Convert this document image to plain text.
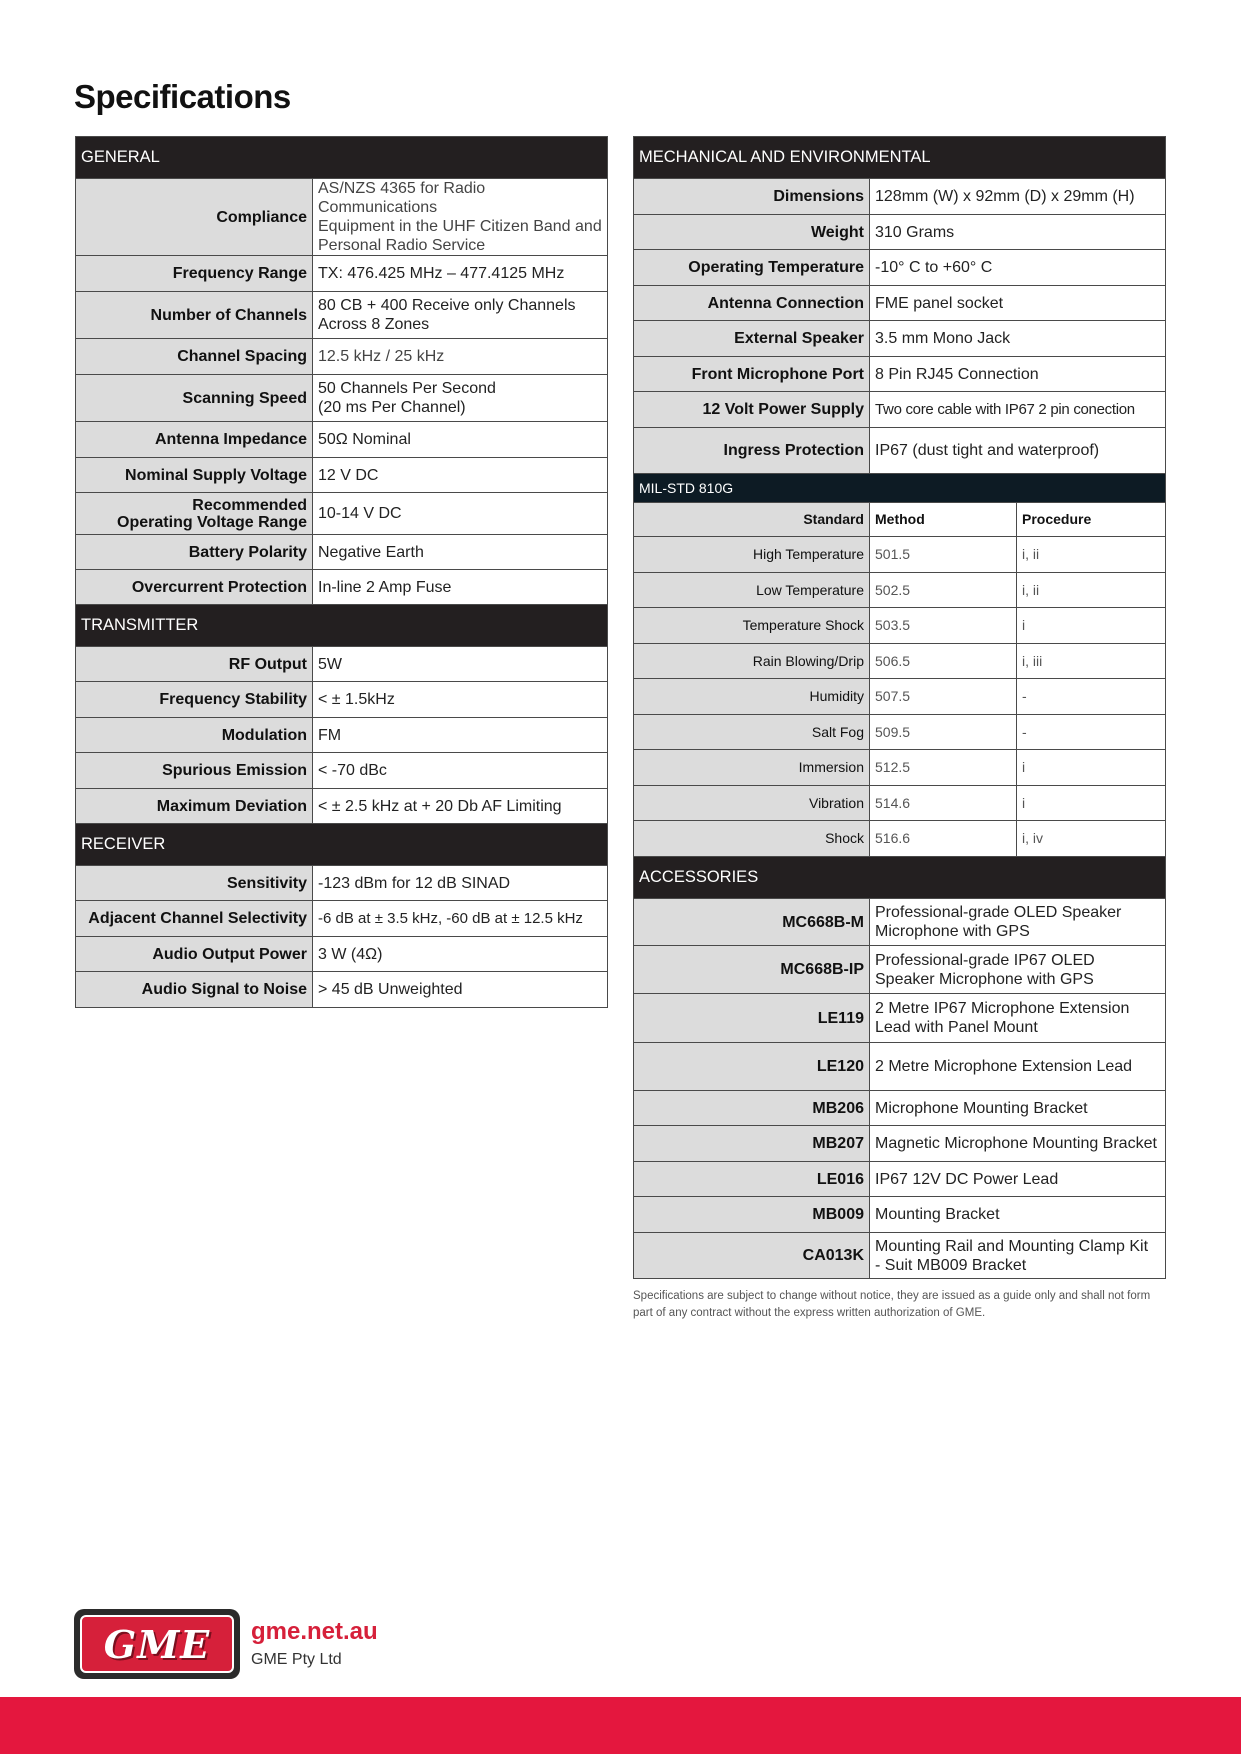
Specifications
GENERAL	
Compliance	AS/NZS 4365 for Radio Communications
Equipment in the UHF Citizen Band and
Personal Radio Service

Frequency Range	TX: 476.425 MHz – 477.4125 MHz

Number of Channels	80 CB + 400 Receive only Channels
Across 8 Zones

Channel Spacing	12.5 kHz / 25 kHz

Scanning Speed	50 Channels Per Second
(20 ms Per Channel)

Antenna Impedance	50Ω Nominal

Nominal Supply Voltage	12 V DC

Recommended
Operating Voltage Range	10-14 V DC

Battery Polarity	Negative Earth

Overcurrent Protection	In-line 2 Amp Fuse

TRANSMITTER	
RF Output	5W
Frequency Stability	< ± 1.5kHz
Modulation	FM
Spurious Emission	< -70 dBc
Maximum Deviation	< ± 2.5 kHz at + 20 Db AF Limiting
RECEIVER	
Sensitivity	-123 dBm for 12 dB SINAD
Adjacent Channel Selectivity	-6 dB at ± 3.5 kHz, -60 dB at ± 12.5 kHz
Audio Output Power	3 W (4Ω)
Audio Signal to Noise	> 45 dB Unweighted
MECHANICAL AND ENVIRONMENTAL		
Dimensions	128mm (W) x 92mm (D) x 29mm (H)	
Weight	310 Grams	
Operating Temperature	-10° C to +60° C	
Antenna Connection	FME panel socket	
External Speaker	3.5 mm Mono Jack	
Front Microphone Port	8 Pin RJ45 Connection	
12 Volt Power Supply	Two core cable with IP67 2 pin conection	
Ingress Protection	IP67 (dust tight and waterproof)	
MIL-STD 810G		
Standard	Method	Procedure
High Temperature	501.5	i, ii
Low Temperature	502.5	i, ii
Temperature Shock	503.5	i
Rain Blowing/Drip	506.5	i, iii
Humidity	507.5	-
Salt Fog	509.5	-
Immersion	512.5	i
Vibration	514.6	i
Shock	516.6	i, iv
ACCESSORIES		
MC668B-M	Professional-grade OLED Speaker
Microphone with GPS	

MC668B-IP	Professional-grade IP67 OLED
Speaker Microphone with GPS	

LE119	2 Metre IP67 Microphone Extension
Lead with Panel Mount	

LE120	2 Metre Microphone Extension Lead	

MB206	Microphone Mounting Bracket	

MB207	Magnetic Microphone Mounting Bracket	

LE016	IP67 12V DC Power Lead	

MB009	Mounting Bracket	

CA013K	Mounting Rail and Mounting Clamp Kit
- Suit MB009 Bracket	
Specifications are subject to change without notice, they are issued as a guide only and shall not form part of any contract without the express written authorization of GME.
GME gme.net.au
GME Pty Ltd
